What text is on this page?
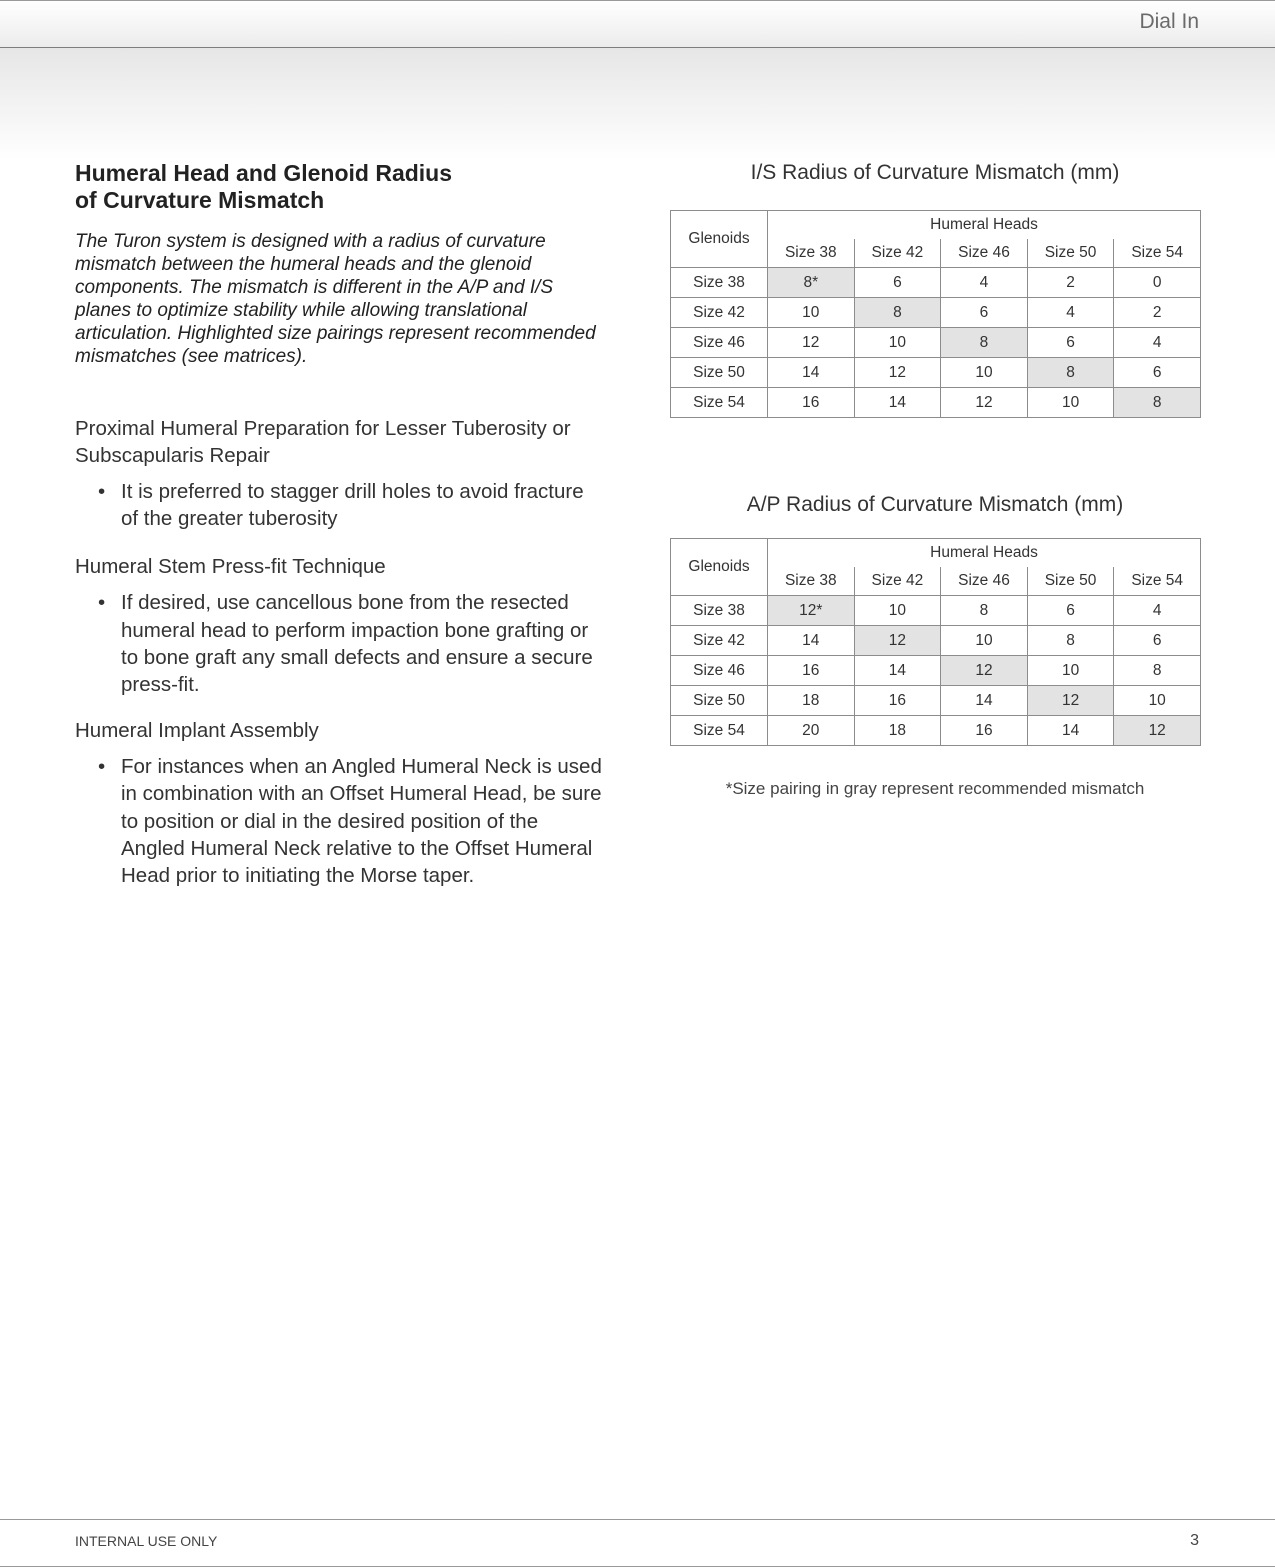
Dial In
Humeral Head and Glenoid Radius
of Curvature Mismatch

The Turon system is designed with a radius of curvature mismatch between the humeral heads and the glenoid components. The mismatch is different in the A/P and I/S planes to optimize stability while allowing translational articulation. Highlighted size pairings represent recommended mismatches (see matrices).

Proximal Humeral Preparation for Lesser Tuberosity or Subscapularis Repair

• It is preferred to stagger drill holes to avoid fracture of the greater tuberosity

Humeral Stem Press-fit Technique

• If desired, use cancellous bone from the resected humeral head to perform impaction bone grafting or to bone graft any small defects and ensure a secure press-fit.

Humeral Implant Assembly

• For instances when an Angled Humeral Neck is used in combination with an Offset Humeral Head, be sure to position or dial in the desired position of the Angled Humeral Neck relative to the Offset Humeral Head prior to initiating the Morse taper.
I/S Radius of Curvature Mismatch (mm)
Glenoids	Humeral Heads				
	Size 38	Size 42	Size 46	Size 50	Size 54
Size 38	8*	6	4	2	0
Size 42	10	8	6	4	2
Size 46	12	10	8	6	4
Size 50	14	12	10	8	6
Size 54	16	14	12	10	8
A/P Radius of Curvature Mismatch (mm)
Glenoids	Humeral Heads				
	Size 38	Size 42	Size 46	Size 50	Size 54
Size 38	12*	10	8	6	4
Size 42	14	12	10	8	6
Size 46	16	14	12	10	8
Size 50	18	16	14	12	10
Size 54	20	18	16	14	12
*Size pairing in gray represent recommended mismatch
INTERNAL USE ONLY	3
